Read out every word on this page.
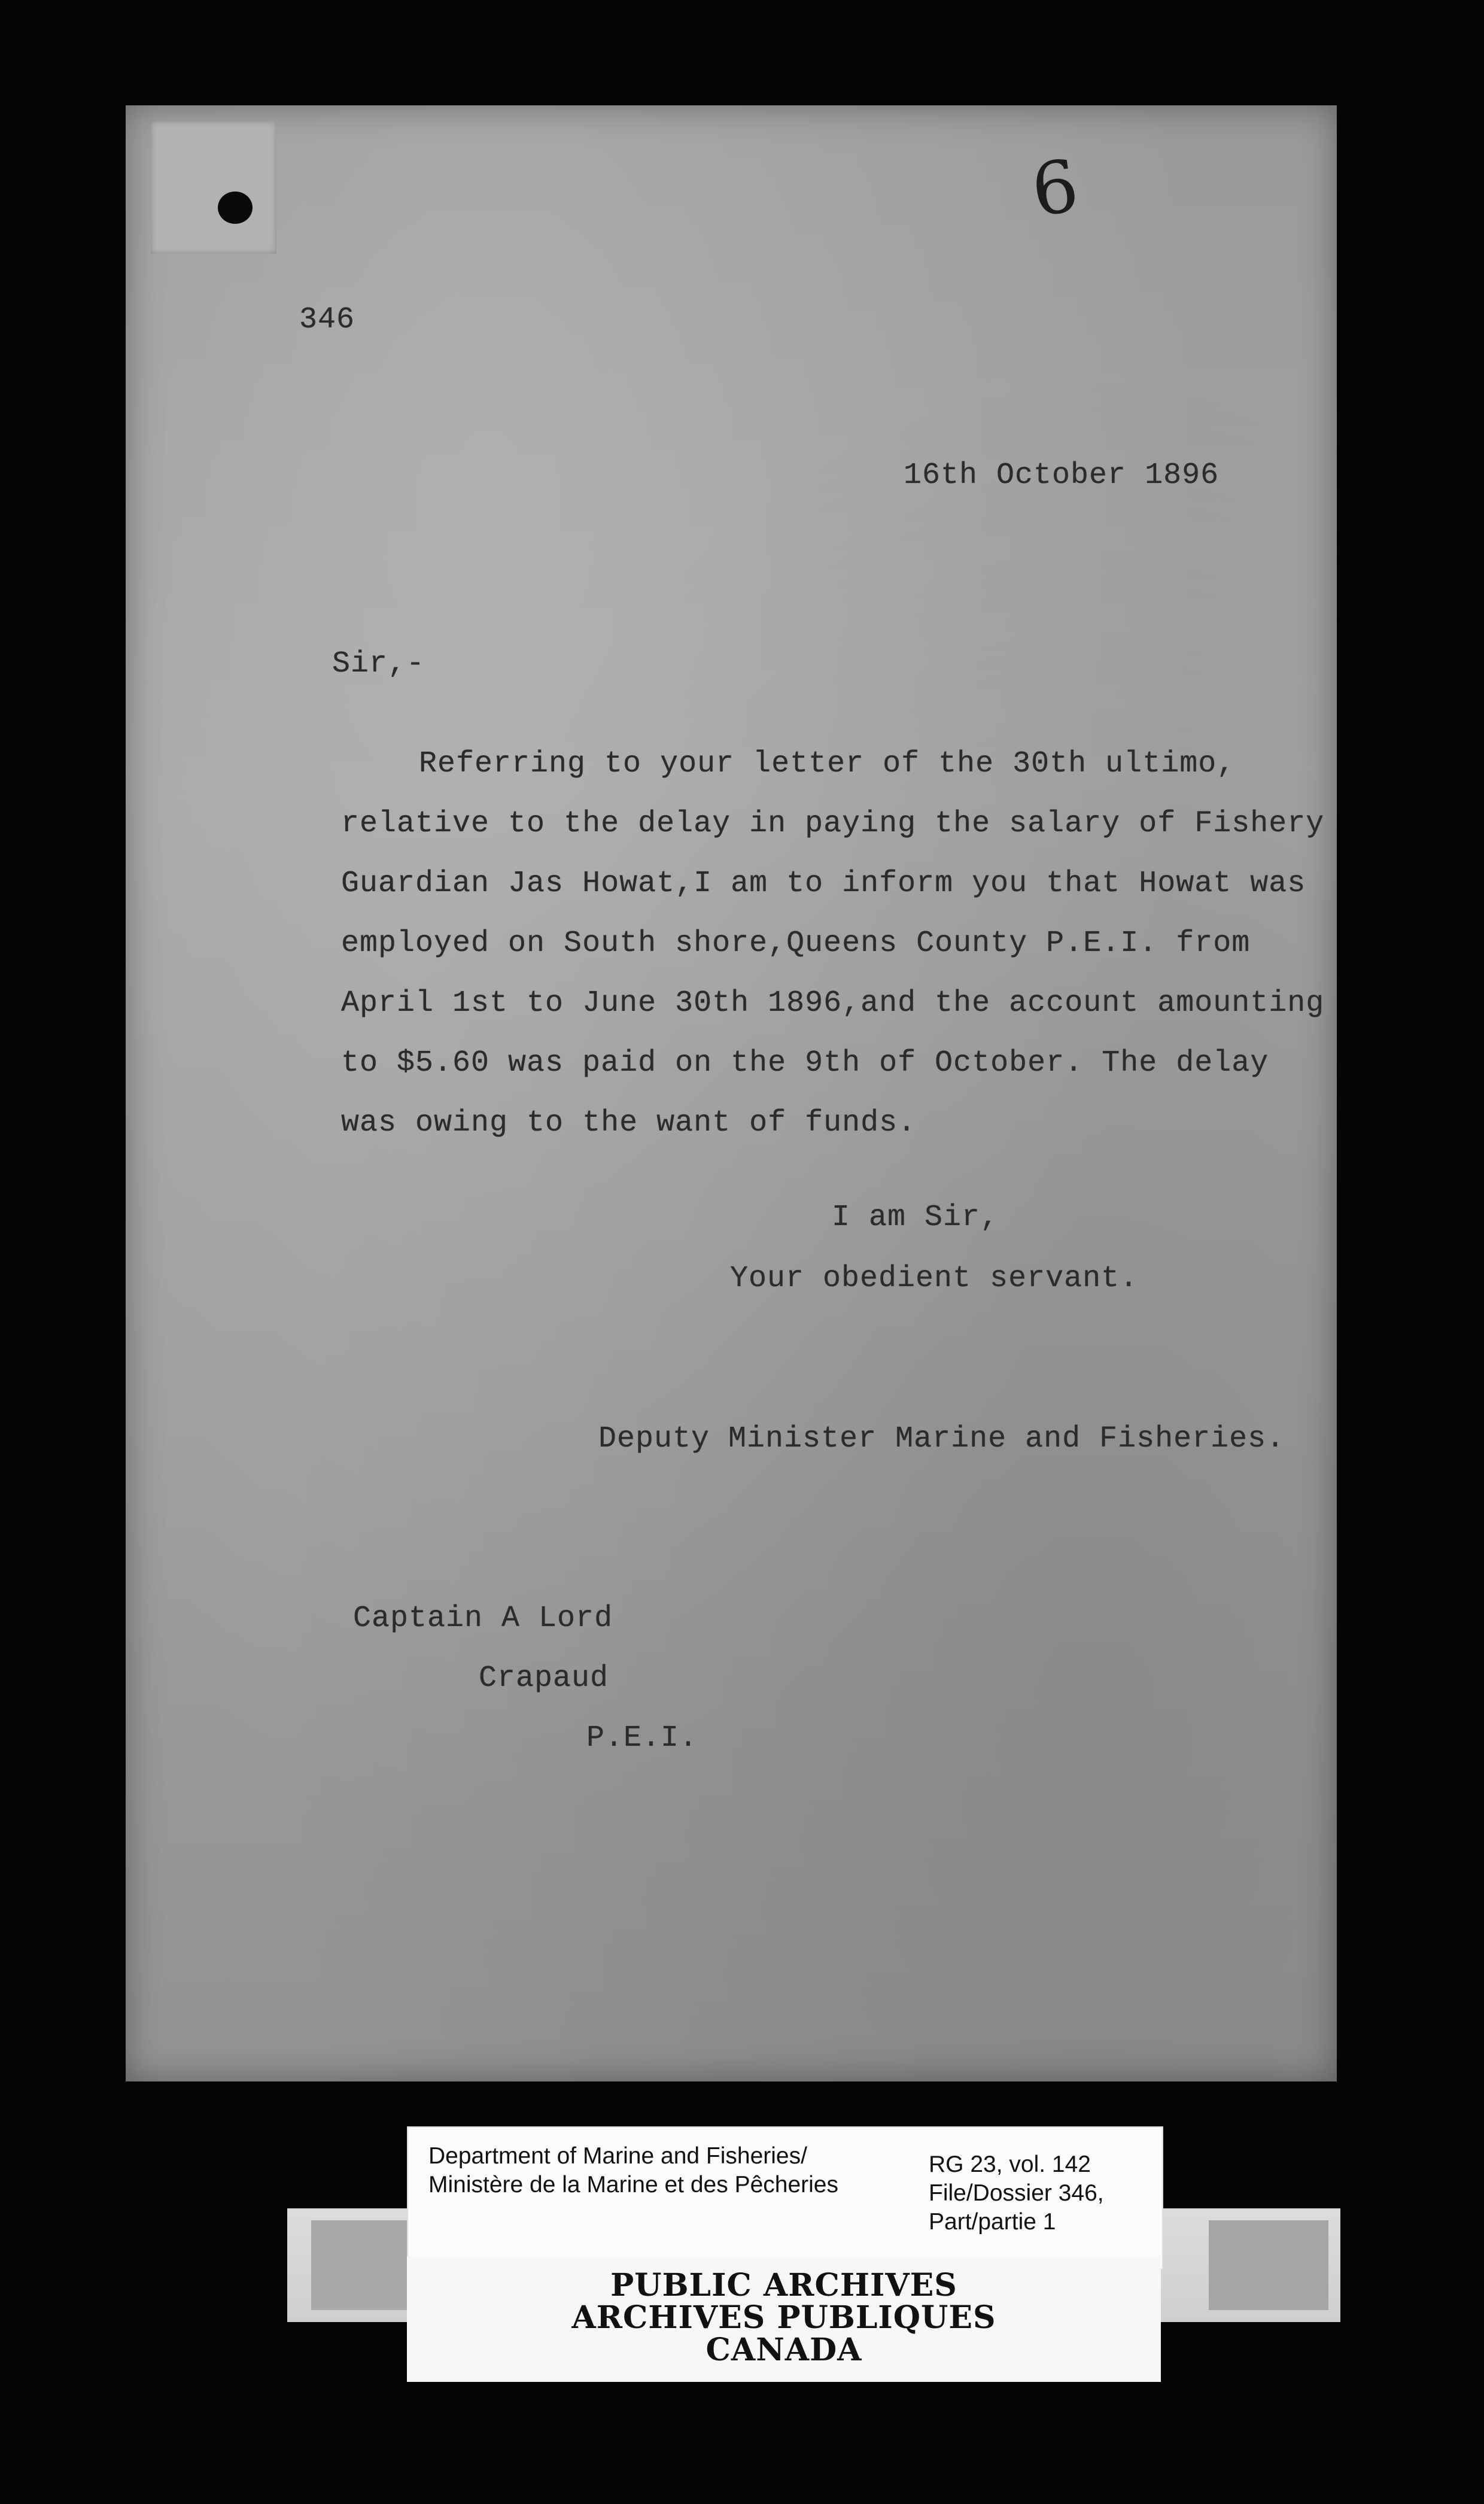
6

346
16th October 1896
Sir,-
Referring to your letter of the 30th ultimo,
relative to the delay in paying the salary of Fishery
Guardian Jas Howat,I am to inform you that Howat was
employed on South shore,Queens County P.E.I. from
April 1st to June 30th 1896,and the account amounting
to $5.60 was paid on the 9th of October. The delay
was owing to the want of funds.
I am Sir,
Your obedient servant.
Deputy Minister Marine and Fisheries.
Captain A Lord
Crapaud
P.E.I.
Department of Marine and Fisheries/
Ministère de la Marine et des Pêcheries
RG 23, vol. 142
File/Dossier 346,
Part/partie 1
PUBLIC ARCHIVES
ARCHIVES PUBLIQUES
CANADA
